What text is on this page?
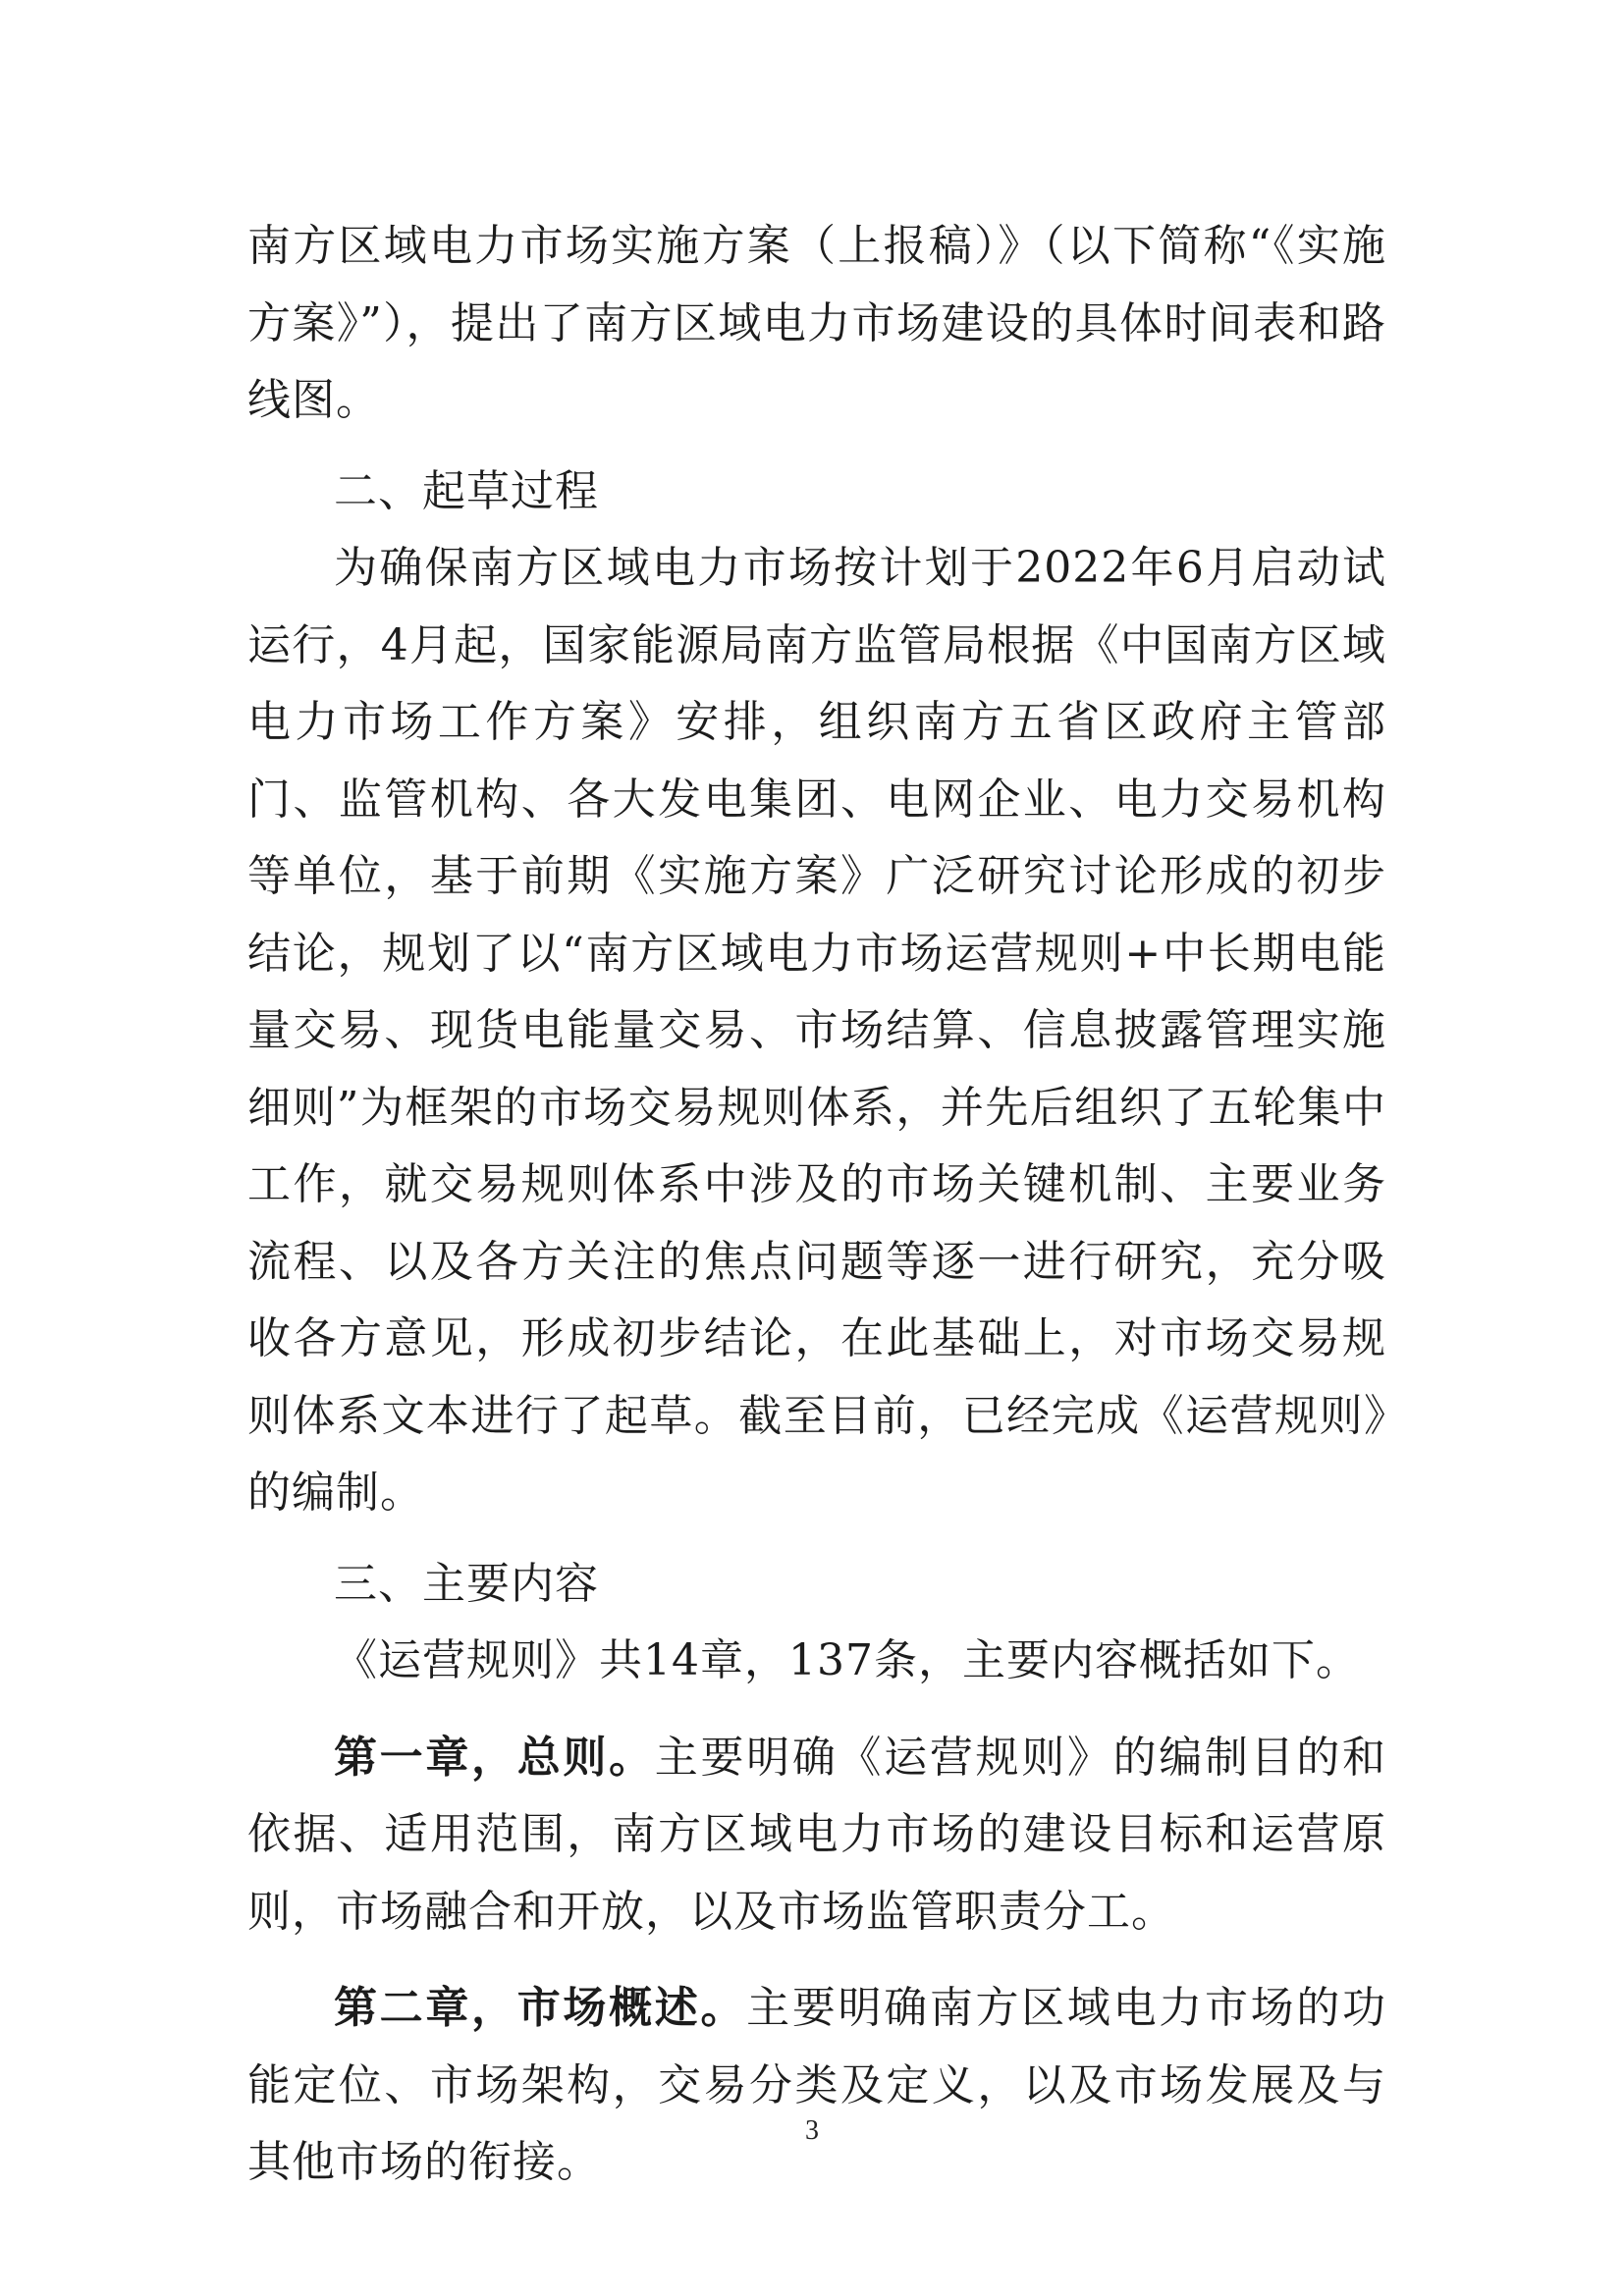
南方区域电力市场实施方案（上报稿）》（以下简称“《实施方案》”），提出了南方区域电力市场建设的具体时间表和路线图。

二、起草过程

为确保南方区域电力市场按计划于2022年6月启动试运行，4月起，国家能源局南方监管局根据《中国南方区域电力市场工作方案》安排，组织南方五省区政府主管部门、监管机构、各大发电集团、电网企业、电力交易机构等单位，基于前期《实施方案》广泛研究讨论形成的初步结论，规划了以“南方区域电力市场运营规则+中长期电能量交易、现货电能量交易、市场结算、信息披露管理实施细则”为框架的市场交易规则体系，并先后组织了五轮集中工作，就交易规则体系中涉及的市场关键机制、主要业务流程、以及各方关注的焦点问题等逐一进行研究，充分吸收各方意见，形成初步结论，在此基础上，对市场交易规则体系文本进行了起草。截至目前，已经完成《运营规则》的编制。

三、主要内容

《运营规则》共14章，137条，主要内容概括如下。

第一章，总则。主要明确《运营规则》的编制目的和依据、适用范围，南方区域电力市场的建设目标和运营原则，市场融合和开放，以及市场监管职责分工。

第二章，市场概述。主要明确南方区域电力市场的功能定位、市场架构，交易分类及定义，以及市场发展及与其他市场的衔接。

3
